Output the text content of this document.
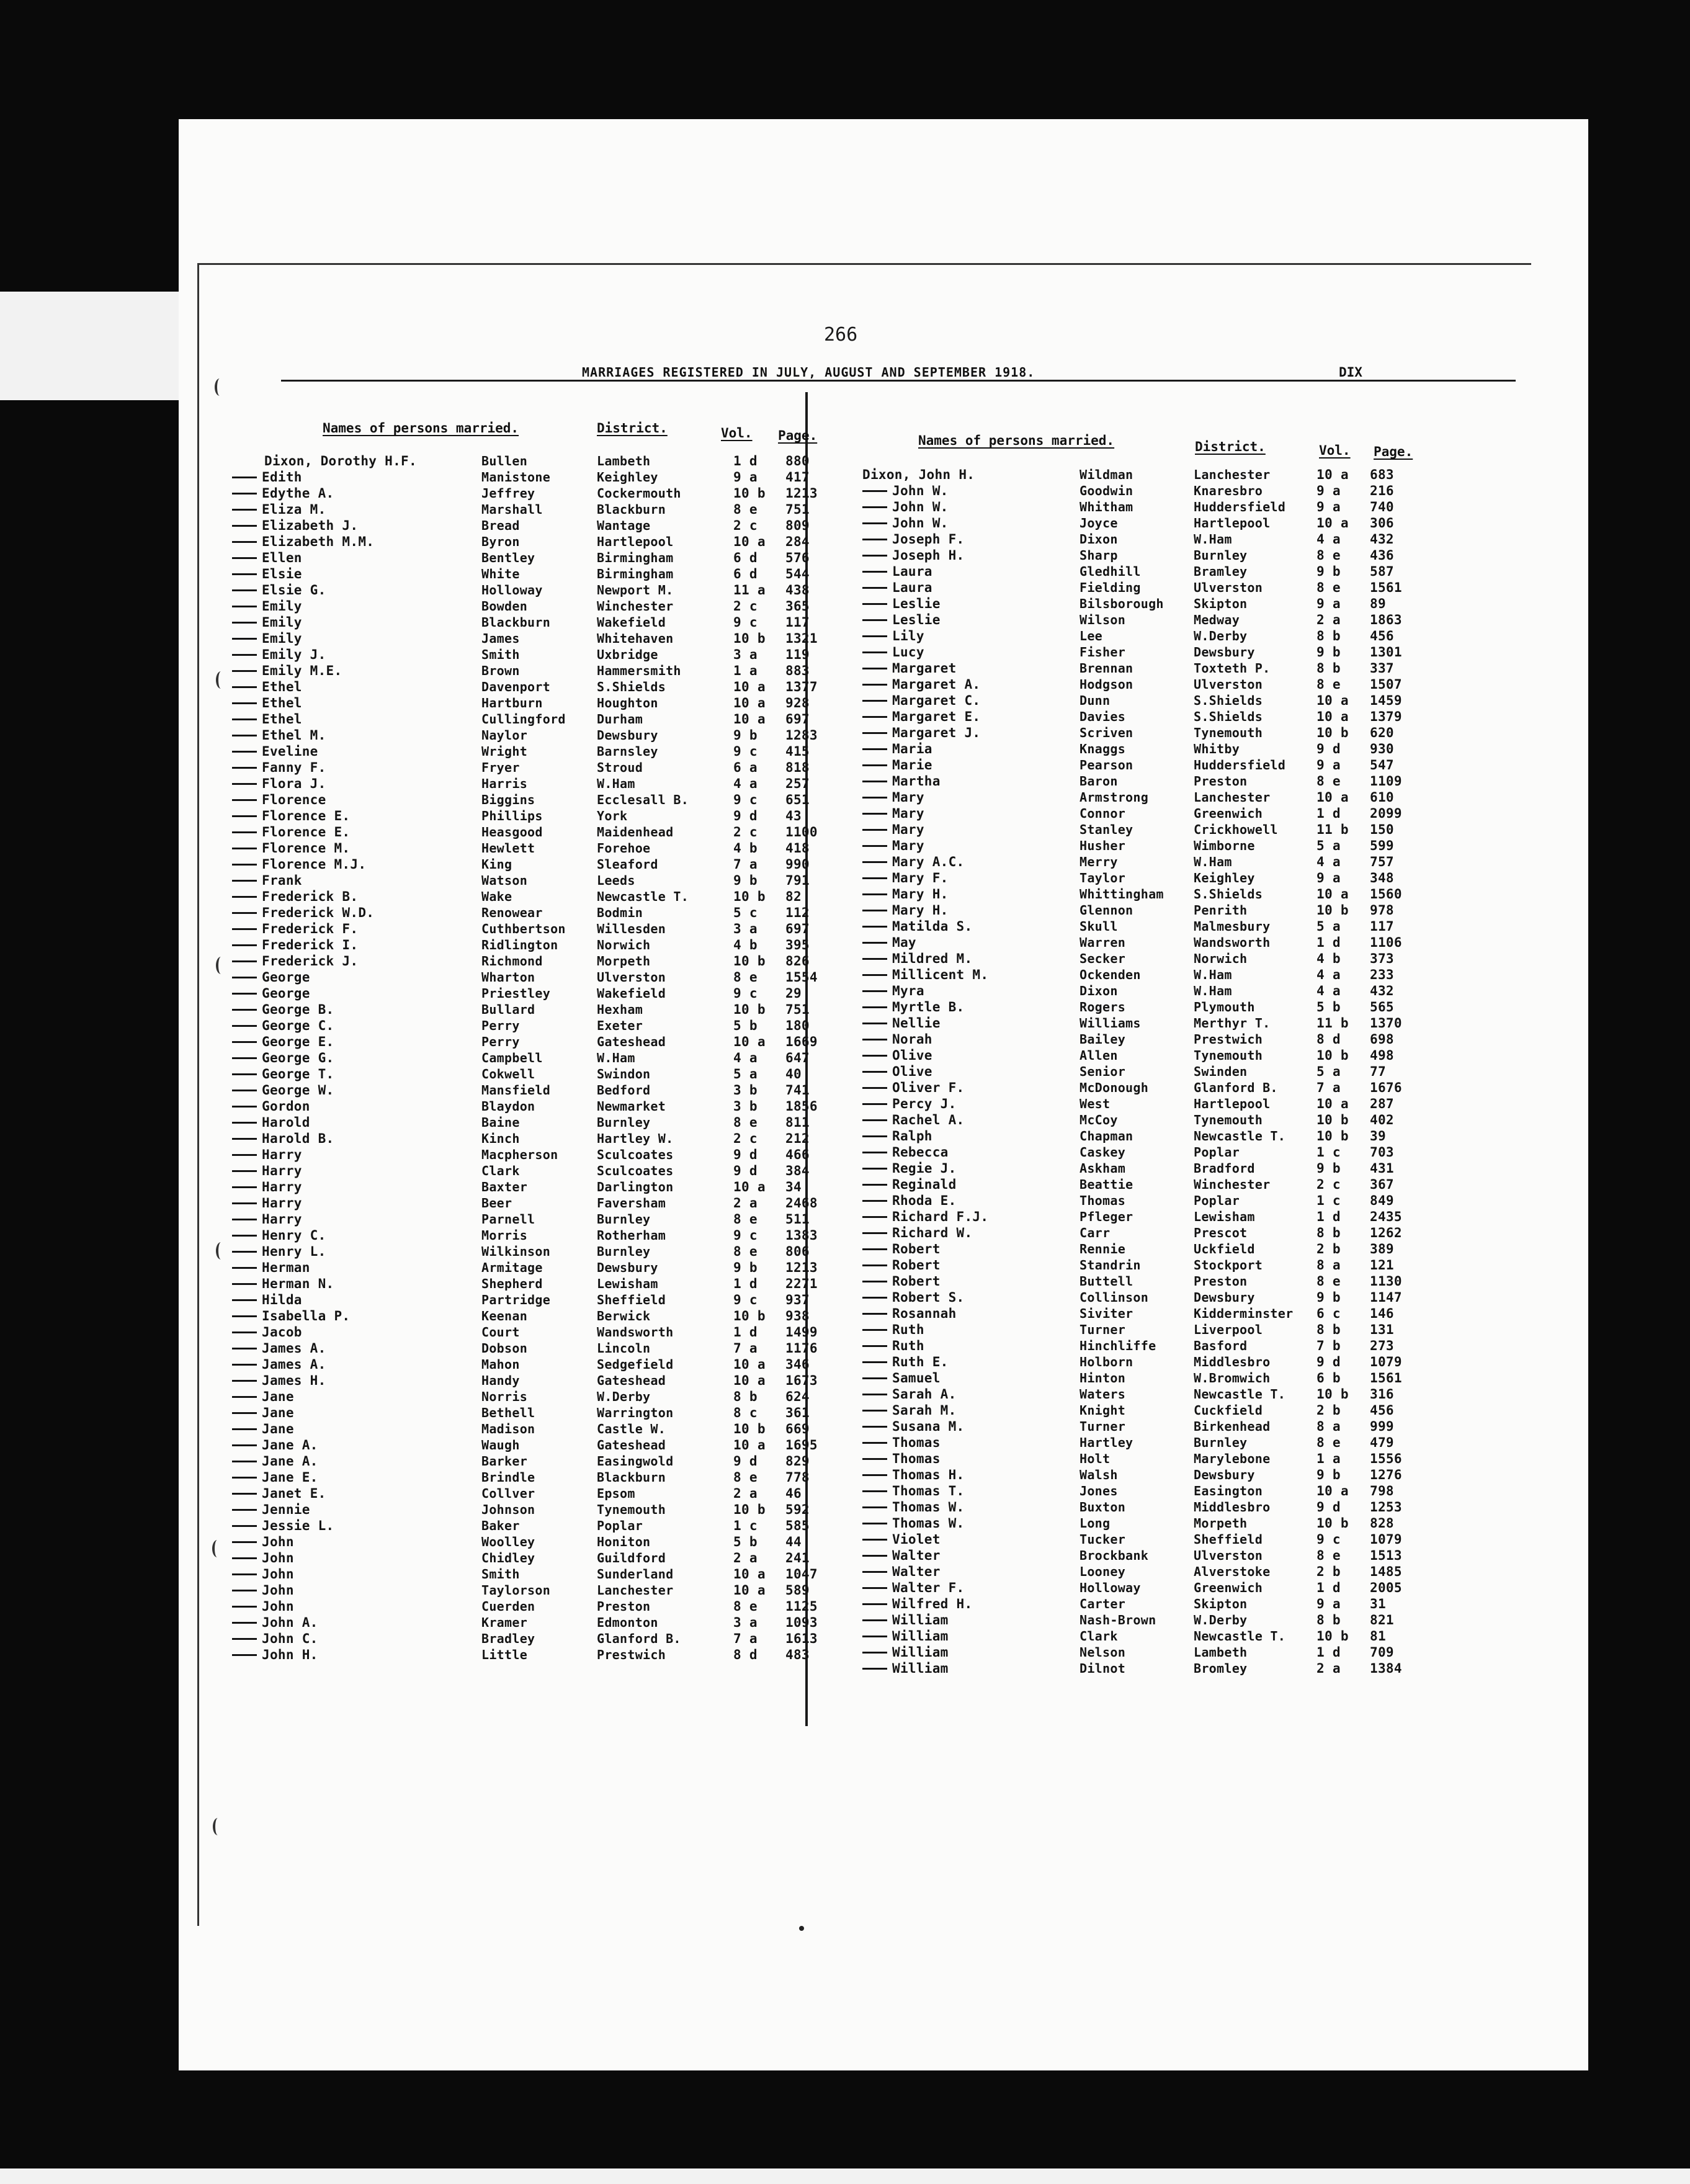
266
MARRIAGES REGISTERED IN JULY, AUGUST AND SEPTEMBER 1918.	DIX
Names of persons married.	District.	Vol. Page.	Names of persons married.	District.	Vol. Page.
Dixon, Dorothy H.F.	Bullen	Lambeth	1 d 880
Edith	Manistone	Keighley	9 a 417
Edythe A.	Jeffrey	Cockermouth	10 b 1213
Eliza M.	Marshall	Blackburn	8 e 751
Elizabeth J.	Bread	Wantage	2 c 809
Elizabeth M.M.	Byron	Hartlepool	10 a 284
Ellen	Bentley	Birmingham	6 d 576
Elsie	White	Birmingham	6 d 544
Elsie G.	Holloway	Newport M.	11 a 438
Emily	Bowden	Winchester	2 c 365
Emily	Blackburn	Wakefield	9 c 117
Emily	James	Whitehaven	10 b 1321
Emily J.	Smith	Uxbridge	3 a 119
Emily M.E.	Brown	Hammersmith	1 a 883
Ethel	Davenport	S.Shields	10 a 1377
Ethel	Hartburn	Houghton	10 a 928
Ethel	Cullingford	Durham	10 a 697
Ethel M.	Naylor	Dewsbury	9 b 1283
Eveline	Wright	Barnsley	9 c 415
Fanny F.	Fryer	Stroud	6 a 818
Flora J.	Harris	W.Ham	4 a 257
Florence	Biggins	Ecclesall B.	9 c 651
Florence E.	Phillips	York	9 d 43
Florence E.	Heasgood	Maidenhead	2 c 1100
Florence M.	Hewlett	Forehoe	4 b 418
Florence M.J.	King	Sleaford	7 a 990
Frank	Watson	Leeds	9 b 791
Frederick B.	Wake	Newcastle T.	10 b 82
Frederick W.D.	Renowear	Bodmin	5 c 112
Frederick F.	Cuthbertson	Willesden	3 a 697
Frederick I.	Ridlington	Norwich	4 b 395
Frederick J.	Richmond	Morpeth	10 b 826
George	Wharton	Ulverston	8 e 1554
George	Priestley	Wakefield	9 c 29
George B.	Bullard	Hexham	10 b 751
George C.	Perry	Exeter	5 b 180
George E.	Perry	Gateshead	10 a 1669
George G.	Campbell	W.Ham	4 a 647
George T.	Cokwell	Swindon	5 a 40
George W.	Mansfield	Bedford	3 b 741
Gordon	Blaydon	Newmarket	3 b 1856
Harold	Baine	Burnley	8 e 811
Harold B.	Kinch	Hartley W.	2 c 212
Harry	Macpherson	Sculcoates	9 d 466
Harry	Clark	Sculcoates	9 d 384
Harry	Baxter	Darlington	10 a 34
Harry	Beer	Faversham	2 a 2468
Harry	Parnell	Burnley	8 e 511
Henry C.	Morris	Rotherham	9 c 1383
Henry L.	Wilkinson	Burnley	8 e 806
Herman	Armitage	Dewsbury	9 b 1213
Herman N.	Shepherd	Lewisham	1 d 2271
Hilda	Partridge	Sheffield	9 c 937
Isabella P.	Keenan	Berwick	10 b 938
Jacob	Court	Wandsworth	1 d 1499
James A.	Dobson	Lincoln	7 a 1176
James A.	Mahon	Sedgefield	10 a 346
James H.	Handy	Gateshead	10 a 1673
Jane	Norris	W.Derby	8 b 624
Jane	Bethell	Warrington	8 c 361
Jane	Madison	Castle W.	10 b 669
Jane A.	Waugh	Gateshead	10 a 1695
Jane A.	Barker	Easingwold	9 d 829
Jane E.	Brindle	Blackburn	8 e 778
Janet E.	Collver	Epsom	2 a 46
Jennie	Johnson	Tynemouth	10 b 592
Jessie L.	Baker	Poplar	1 c 585
John	Woolley	Honiton	5 b 44
John	Chidley	Guildford	2 a 241
John	Smith	Sunderland	10 a 1047
John	Taylorson	Lanchester	10 a 589
John	Cuerden	Preston	8 e 1125
John A.	Kramer	Edmonton	3 a 1093
John C.	Bradley	Glanford B.	7 a 1613
John H.	Little	Prestwich	8 d 483
Dixon, John H.	Wildman	Lanchester	10 a 683
John W.	Goodwin	Knaresbro	9 a 216
John W.	Whitham	Huddersfield 9 a 740
John W.	Joyce	Hartlepool	10 a 306
Joseph F.	Dixon	W.Ham	4 a 432
Joseph H.	Sharp	Burnley	8 e 436
Laura	Gledhill	Bramley	9 b 587
Laura	Fielding	Ulverston	8 e 1561
Leslie	Bilsborough Skipton	9 a 89
Leslie	Wilson	Medway	2 a 1863
Lily	Lee	W.Derby	8 b 456
Lucy	Fisher	Dewsbury	9 b 1301
Margaret	Brennan	Toxteth P.	8 b 337
Margaret A.	Hodgson	Ulverston	8 e 1507
Margaret C.	Dunn	S.Shields	10 a 1459
Margaret E.	Davies	S.Shields	10 a 1379
Margaret J.	Scriven	Tynemouth	10 b 620
Maria	Knaggs	Whitby	9 d 930
Marie	Pearson	Huddersfield 9 a 547
Martha	Baron	Preston	8 e 1109
Mary	Armstrong	Lanchester	10 a 610
Mary	Connor	Greenwich	1 d 2099
Mary	Stanley	Crickhowell	11 b 150
Mary	Husher	Wimborne	5 a 599
Mary A.C.	Merry	W.Ham	4 a 757
Mary F.	Taylor	Keighley	9 a 348
Mary H.	Whittingham S.Shields	10 a 1560
Mary H.	Glennon	Penrith	10 b 978
Matilda S.	Skull	Malmesbury	5 a 117
May	Warren	Wandsworth	1 d 1106
Mildred M.	Secker	Norwich	4 b 373
Millicent M.	Ockenden	W.Ham	4 a 233
Myra	Dixon	W.Ham	4 a 432
Myrtle B.	Rogers	Plymouth	5 b 565
Nellie	Williams	Merthyr T.	11 b 1370
Norah	Bailey	Prestwich	8 d 698
Olive	Allen	Tynemouth	10 b 498
Olive	Senior	Swinden	5 a 77
Oliver F.	McDonough	Glanford B.	7 a 1676
Percy J.	West	Hartlepool	10 a 287
Rachel A.	McCoy	Tynemouth	10 b 402
Ralph	Chapman	Newcastle T. 10 b 39
Rebecca	Caskey	Poplar	1 c 703
Regie J.	Askham	Bradford	9 b 431
Reginald	Beattie	Winchester	2 c 367
Rhoda E.	Thomas	Poplar	1 c 849
Richard F.J.	Pfleger	Lewisham	1 d 2435
Richard W.	Carr	Prescot	8 b 1262
Robert	Rennie	Uckfield	2 b 389
Robert	Standrin	Stockport	8 a 121
Robert	Buttell	Preston	8 e 1130
Robert S.	Collinson	Dewsbury	9 b 1147
Rosannah	Siviter	Kidderminster 6 c 146
Ruth	Turner	Liverpool	8 b 131
Ruth	Hinchliffe	Basford	7 b 273
Ruth E.	Holborn	Middlesbro	9 d 1079
Samuel	Hinton	W.Bromwich	6 b 1561
Sarah A.	Waters	Newcastle T. 10 b 316
Sarah M.	Knight	Cuckfield	2 b 456
Susana M.	Turner	Birkenhead	8 a 999
Thomas	Hartley	Burnley	8 e 479
Thomas	Holt	Marylebone	1 a 1556
Thomas H.	Walsh	Dewsbury	9 b 1276
Thomas T.	Jones	Easington	10 a 798
Thomas W.	Buxton	Middlesbro	9 d 1253
Thomas W.	Long	Morpeth	10 b 828
Violet	Tucker	Sheffield	9 c 1079
Walter	Brockbank	Ulverston	8 e 1513
Walter	Looney	Alverstoke	2 b 1485
Walter F.	Holloway	Greenwich	1 d 2005
Wilfred H.	Carter	Skipton	9 a 31
William	Nash-Brown	W.Derby	8 b 821
William	Clark	Newcastle T. 10 b 81
William	Nelson	Lambeth	1 d 709
William	Dilnot	Bromley	2 a 1384
